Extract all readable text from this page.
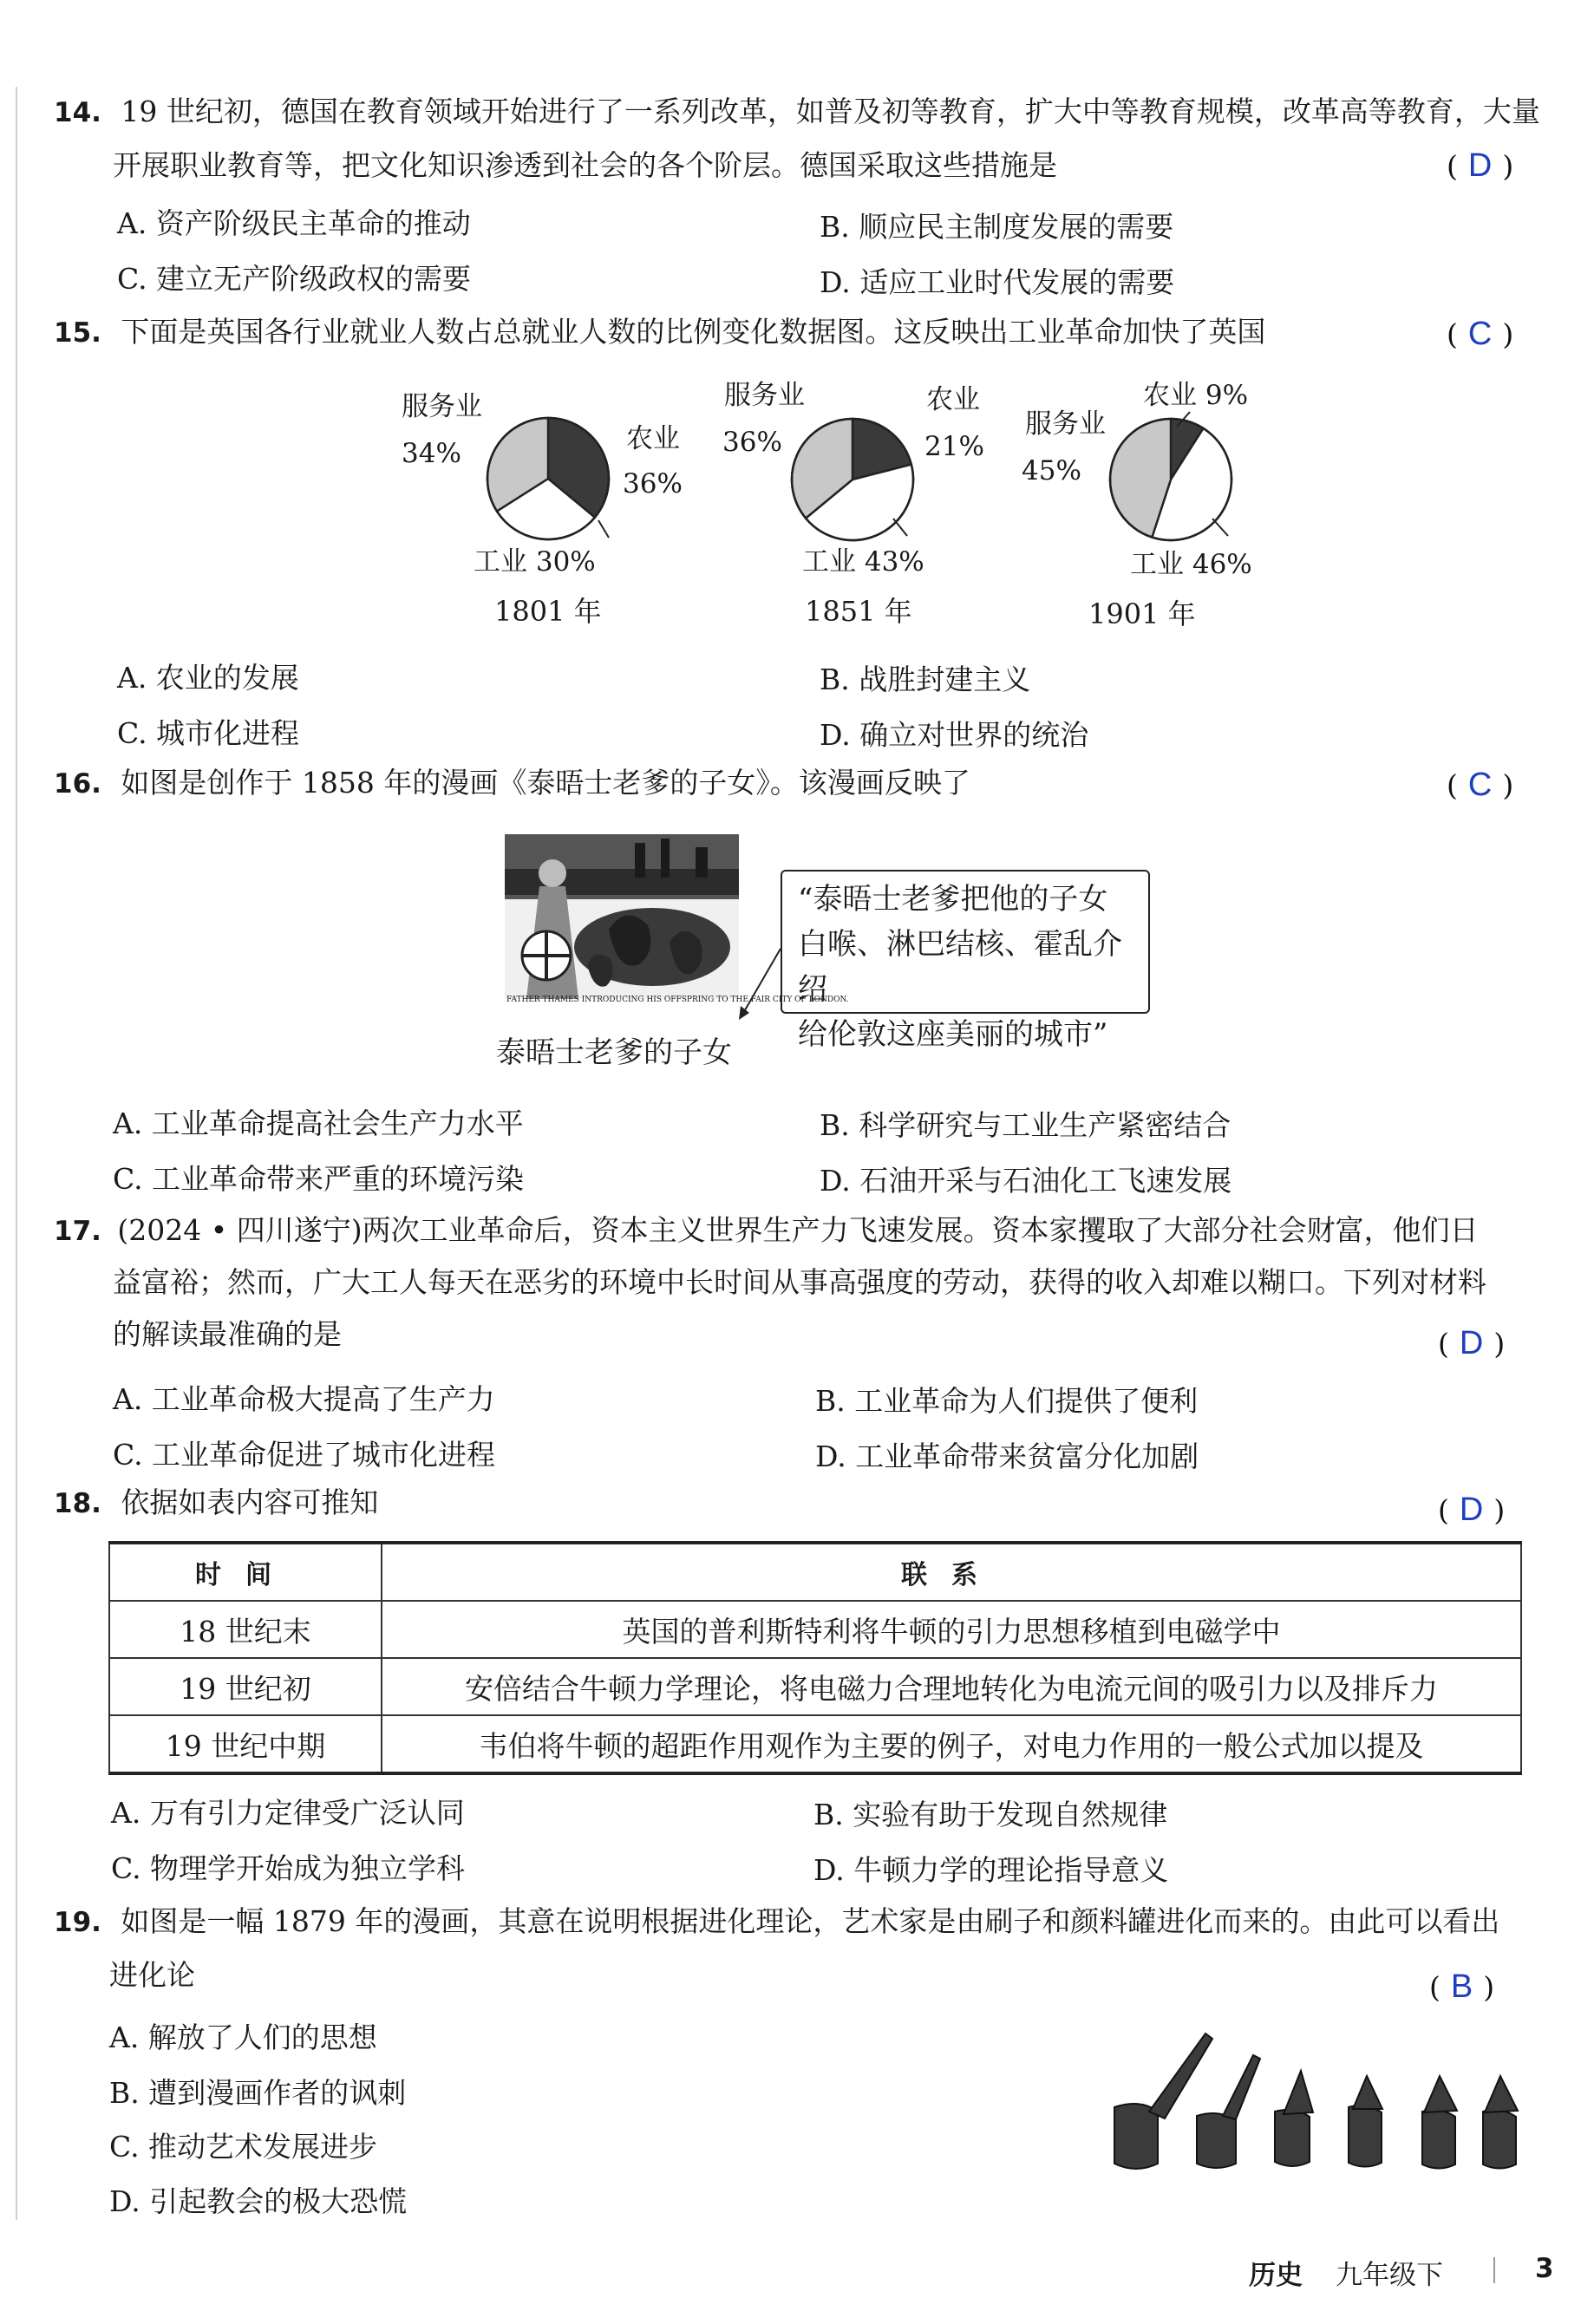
14. 19 世纪初，德国在教育领域开始进行了一系列改革，如普及初等教育，扩大中等教育规模，改革高等教育，大量
开展职业教育等，把文化知识渗透到社会的各个阶层。德国采取这些措施是	( D )
A. 资产阶级民主革命的推动	B. 顺应民主制度发展的需要
C. 建立无产阶级政权的需要	D. 适应工业时代发展的需要
15. 下面是英国各行业就业人数占总就业人数的比例变化数据图。这反映出工业革命加快了英国	( C )
服务业
34%	农业
36%
工业 30%
1801 年
服务业
36%
农业
21%
工业 43%
1851 年
服务业
45%
农业 9%
工业 46%
1901 年
A. 农业的发展	B. 战胜封建主义
C. 城市化进程	D. 确立对世界的统治
16. 如图是创作于 1858 年的漫画《泰晤士老爹的子女》。该漫画反映了	( C )
FATHER THAMES INTRODUCING HIS OFFSPRING TO THE FAIR CITY OF LONDON.
泰晤士老爹的子女
“泰晤士老爹把他的子女
白喉、淋巴结核、霍乱介绍
给伦敦这座美丽的城市”
A. 工业革命提高社会生产力水平	B. 科学研究与工业生产紧密结合
C. 工业革命带来严重的环境污染	D. 石油开采与石油化工飞速发展
17. (2024 • 四川遂宁)两次工业革命后，资本主义世界生产力飞速发展。资本家攫取了大部分社会财富，他们日
益富裕；然而，广大工人每天在恶劣的环境中长时间从事高强度的劳动，获得的收入却难以糊口。下列对材料
的解读最准确的是	( D )
A. 工业革命极大提高了生产力	B. 工业革命为人们提供了便利
C. 工业革命促进了城市化进程	D. 工业革命带来贫富分化加剧
18. 依据如表内容可推知	( D )
时间	联系
18 世纪末	英国的普利斯特利将牛顿的引力思想移植到电磁学中
19 世纪初	安倍结合牛顿力学理论，将电磁力合理地转化为电流元间的吸引力以及排斥力
19 世纪中期	韦伯将牛顿的超距作用观作为主要的例子，对电力作用的一般公式加以提及
A. 万有引力定律受广泛认同	B. 实验有助于发现自然规律
C. 物理学开始成为独立学科	D. 牛顿力学的理论指导意义
19. 如图是一幅 1879 年的漫画，其意在说明根据进化理论，艺术家是由刷子和颜料罐进化而来的。由此可以看出
进化论	( B )
A. 解放了人们的思想
B. 遭到漫画作者的讽刺
C. 推动艺术发展进步
D. 引起教会的极大恐慌
历史 九年级下	3
